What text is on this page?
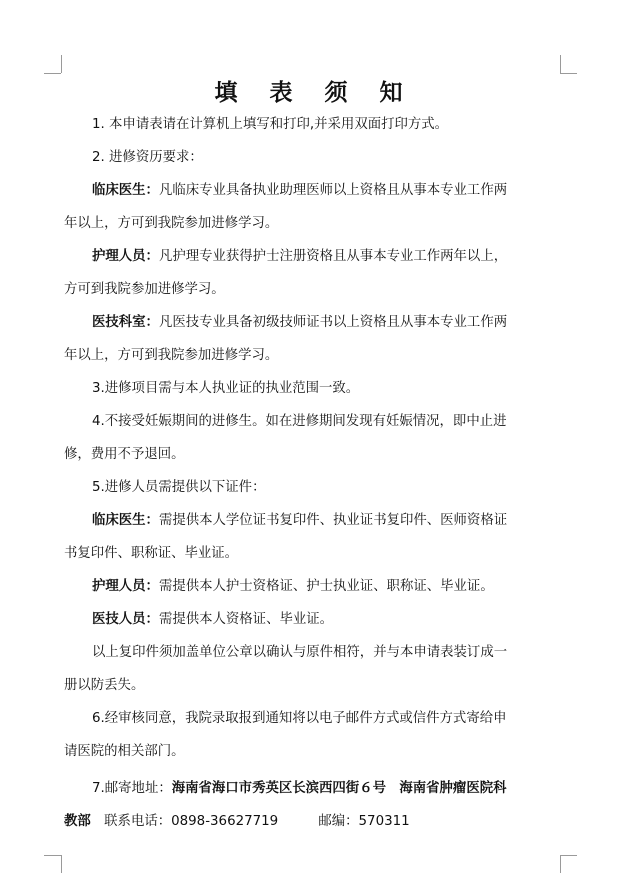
填 表 须 知

1. 本申请表请在计算机上填写和打印,并采用双面打印方式。

2. 进修资历要求：

临床医生：凡临床专业具备执业助理医师以上资格且从事本专业工作两

年以上，方可到我院参加进修学习。

护理人员：凡护理专业获得护士注册资格且从事本专业工作两年以上，

方可到我院参加进修学习。

医技科室：凡医技专业具备初级技师证书以上资格且从事本专业工作两

年以上，方可到我院参加进修学习。

3.进修项目需与本人执业证的执业范围一致。

4.不接受妊娠期间的进修生。如在进修期间发现有妊娠情况，即中止进

修，费用不予退回。

5.进修人员需提供以下证件：

临床医生：需提供本人学位证书复印件、执业证书复印件、医师资格证

书复印件、职称证、毕业证。

护理人员：需提供本人护士资格证、护士执业证、职称证、毕业证。

医技人员：需提供本人资格证、毕业证。

以上复印件须加盖单位公章以确认与原件相符，并与本申请表装订成一

册以防丢失。

6.经审核同意，我院录取报到通知将以电子邮件方式或信件方式寄给申

请医院的相关部门。

7.邮寄地址：海南省海口市秀英区长滨西四街６号　海南省肿瘤医院科

教部　联系电话：0898-36627719　　　邮编：570311
